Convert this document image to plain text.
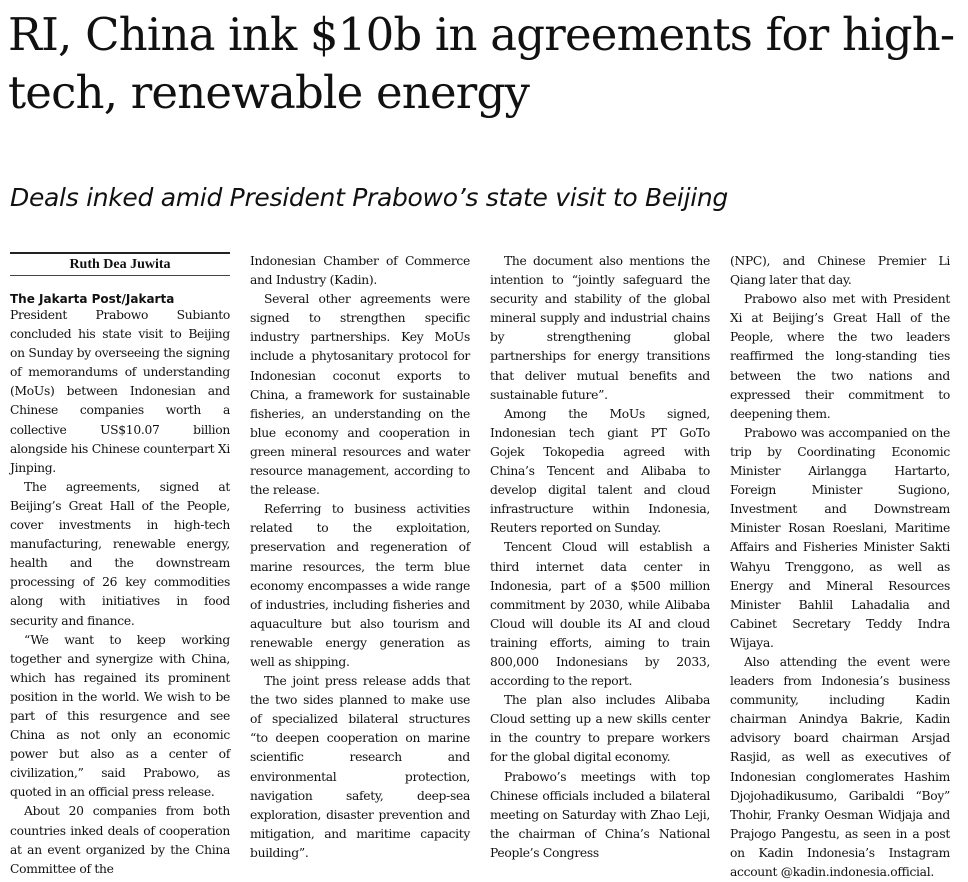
RI, China ink $10b in agreements for high-tech, renewable energy
Deals inked amid President Prabowo’s state visit to Beijing
Ruth Dea Juwita
The Jakarta Post/Jakarta

President Prabowo Subianto concluded his state visit to Beijing on Sunday by overseeing the signing of memorandums of understanding (MoUs) between Indonesian and Chinese companies worth a collective US$10.07 billion alongside his Chinese counterpart Xi Jinping.

The agreements, signed at Beijing’s Great Hall of the People, cover investments in high-tech manufacturing, renewable energy, health and the downstream processing of 26 key commodities along with initiatives in food security and finance.

“We want to keep working together and synergize with China, which has regained its prominent position in the world. We wish to be part of this resurgence and see China as not only an economic power but also as a center of civilization,” said Prabowo, as quoted in an official press release.

About 20 companies from both countries inked deals of cooperation at an event organized by the China Committee of the

Indonesian Chamber of Commerce and Industry (Kadin).

Several other agreements were signed to strengthen specific industry partnerships. Key MoUs include a phytosanitary protocol for Indonesian coconut exports to China, a framework for sustainable fisheries, an understanding on the blue economy and cooperation in green mineral resources and water resource management, according to the release.

Referring to business activities related to the exploitation, preservation and regeneration of marine resources, the term blue economy encompasses a wide range of industries, including fisheries and aquaculture but also tourism and renewable energy generation as well as shipping.

The joint press release adds that the two sides planned to make use of specialized bilateral structures “to deepen cooperation on marine scientific research and environmental protection, navigation safety, deep-sea exploration, disaster prevention and mitigation, and maritime capacity building”.

The document also mentions the intention to “jointly safeguard the security and stability of the global mineral supply and industrial chains by strengthening global partnerships for energy transitions that deliver mutual benefits and sustainable future”.

Among the MoUs signed, Indonesian tech giant PT GoTo Gojek Tokopedia agreed with China’s Tencent and Alibaba to develop digital talent and cloud infrastructure within Indonesia, Reuters reported on Sunday.

Tencent Cloud will establish a third internet data center in Indonesia, part of a $500 million commitment by 2030, while Alibaba Cloud will double its AI and cloud training efforts, aiming to train 800,000 Indonesians by 2033, according to the report.

The plan also includes Alibaba Cloud setting up a new skills center in the country to prepare workers for the global digital economy.

Prabowo’s meetings with top Chinese officials included a bilateral meeting on Saturday with Zhao Leji, the chairman of China’s National People’s Congress

(NPC), and Chinese Premier Li Qiang later that day.

Prabowo also met with President Xi at Beijing’s Great Hall of the People, where the two leaders reaffirmed the long-standing ties between the two nations and expressed their commitment to deepening them.

Prabowo was accompanied on the trip by Coordinating Economic Minister Airlangga Hartarto, Foreign Minister Sugiono, Investment and Downstream Minister Rosan Roeslani, Maritime Affairs and Fisheries Minister Sakti Wahyu Trenggono, as well as Energy and Mineral Resources Minister Bahlil Lahadalia and Cabinet Secretary Teddy Indra Wijaya.

Also attending the event were leaders from Indonesia’s business community, including Kadin chairman Anindya Bakrie, Kadin advisory board chairman Arsjad Rasjid, as well as executives of Indonesian conglomerates Hashim Djojohadikusumo, Garibaldi “Boy” Thohir, Franky Oesman Widjaja and Prajogo Pangestu, as seen in a post on Kadin Indonesia’s Instagram account @kadin.indonesia.official.
